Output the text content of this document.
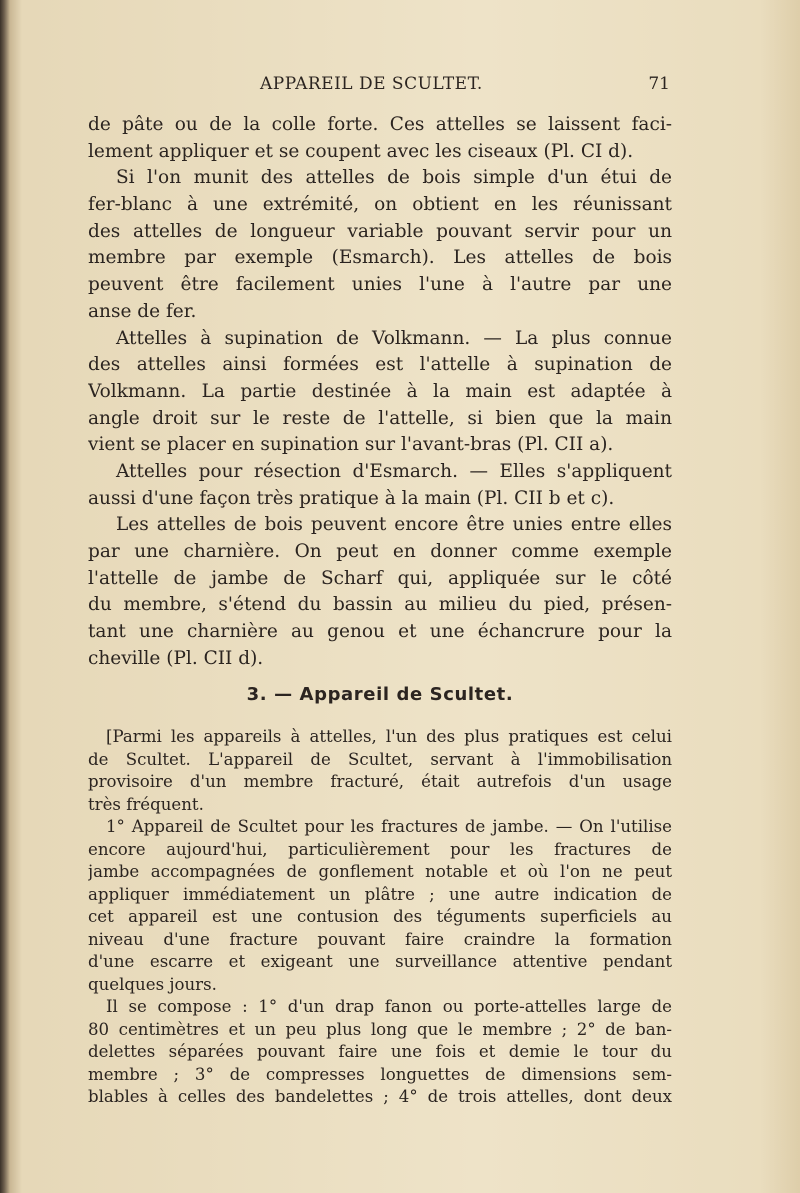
APPAREIL DE SCULTET.	71
de pâte ou de la colle forte. Ces attelles se laissent faci-
lement appliquer et se coupent avec les ciseaux (Pl. CI d).
Si l'on munit des attelles de bois simple d'un étui de
fer-blanc à une extrémité, on obtient en les réunissant
des attelles de longueur variable pouvant servir pour un
membre par exemple (Esmarch). Les attelles de bois
peuvent être facilement unies l'une à l'autre par une
anse de fer.
Attelles à supination de Volkmann. — La plus connue
des attelles ainsi formées est l'attelle à supination de
Volkmann. La partie destinée à la main est adaptée à
angle droit sur le reste de l'attelle, si bien que la main
vient se placer en supination sur l'avant-bras (Pl. CII a).
Attelles pour résection d'Esmarch. — Elles s'appliquent
aussi d'une façon très pratique à la main (Pl. CII b et c).
Les attelles de bois peuvent encore être unies entre elles
par une charnière. On peut en donner comme exemple
l'attelle de jambe de Scharf qui, appliquée sur le côté
du membre, s'étend du bassin au milieu du pied, présen-
tant une charnière au genou et une échancrure pour la
cheville (Pl. CII d).
3. — Appareil de Scultet.
[Parmi les appareils à attelles, l'un des plus pratiques est celui
de Scultet. L'appareil de Scultet, servant à l'immobilisation
provisoire d'un membre fracturé, était autrefois d'un usage
très fréquent.
1° Appareil de Scultet pour les fractures de jambe. — On l'utilise
encore aujourd'hui, particulièrement pour les fractures de
jambe accompagnées de gonflement notable et où l'on ne peut
appliquer immédiatement un plâtre ; une autre indication de
cet appareil est une contusion des téguments superficiels au
niveau d'une fracture pouvant faire craindre la formation
d'une escarre et exigeant une surveillance attentive pendant
quelques jours.
Il se compose : 1° d'un drap fanon ou porte-attelles large de
80 centimètres et un peu plus long que le membre ; 2° de ban-
delettes séparées pouvant faire une fois et demie le tour du
membre ; 3° de compresses longuettes de dimensions sem-
blables à celles des bandelettes ; 4° de trois attelles, dont deux
